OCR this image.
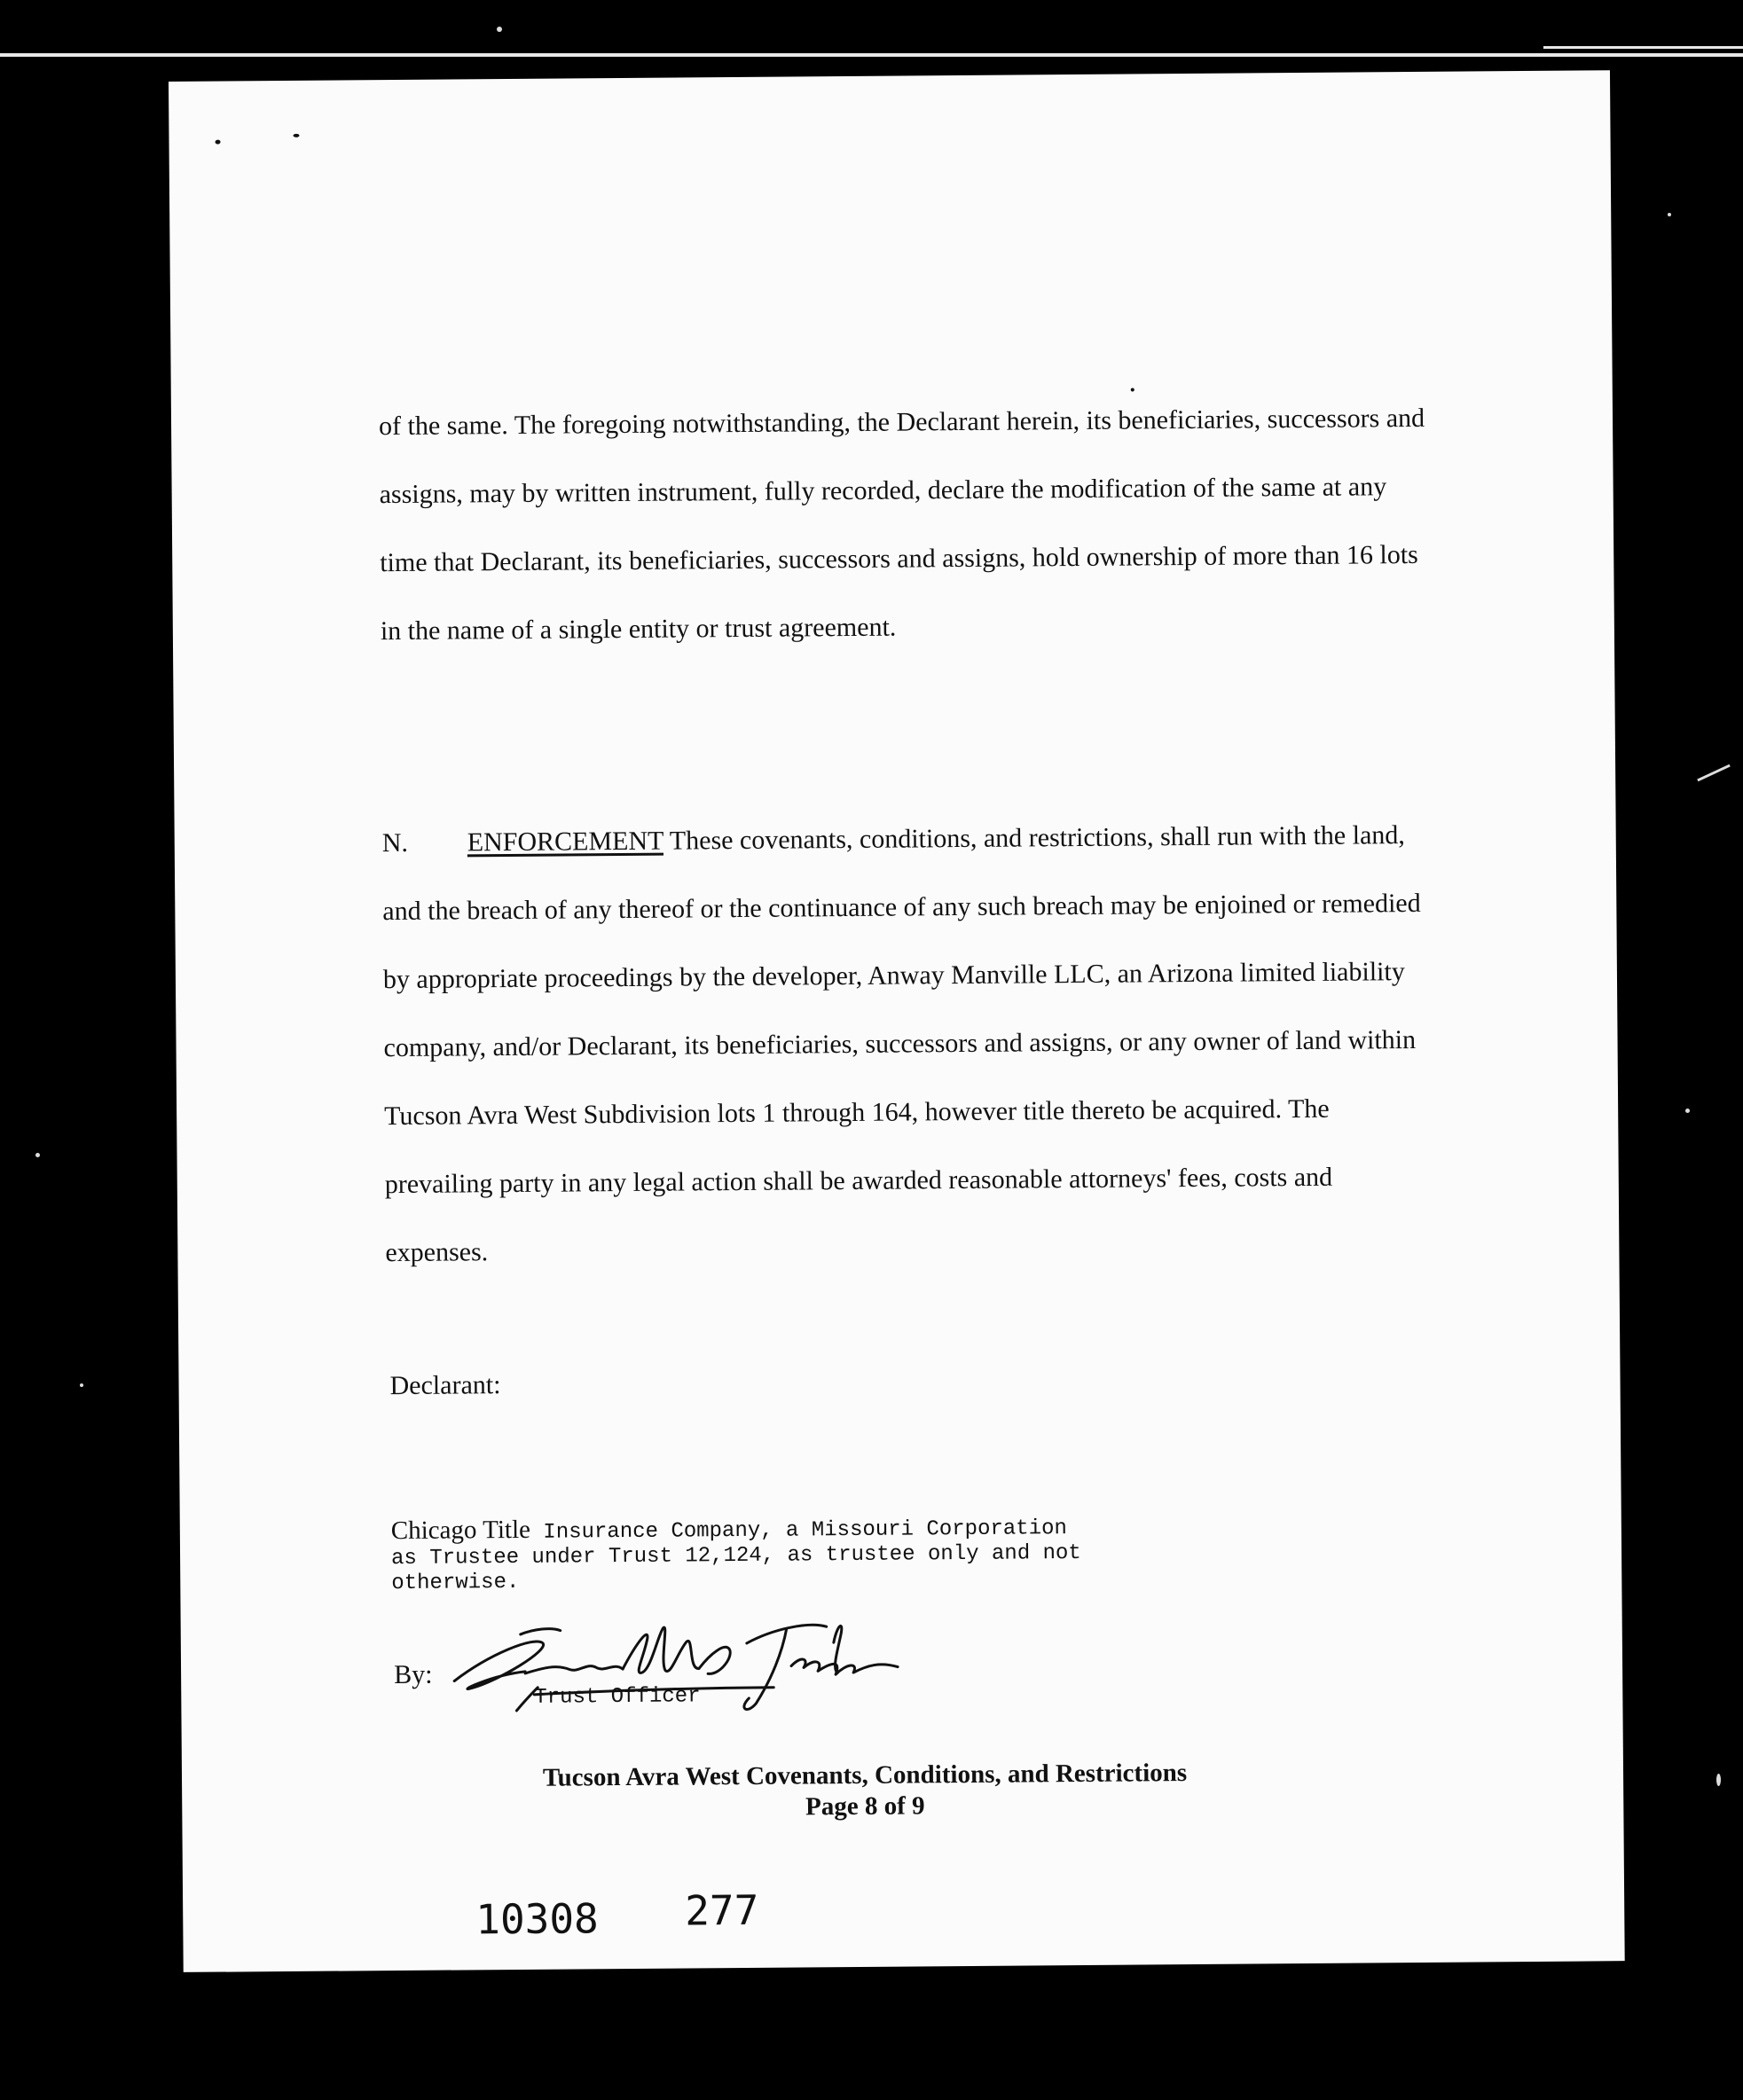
of the same. The foregoing notwithstanding, the Declarant herein, its beneficiaries, successors and assigns, may by written instrument, fully recorded, declare the modification of the same at any time that Declarant, its beneficiaries, successors and assigns, hold ownership of more than 16 lots in the name of a single entity or trust agreement.

N. ENFORCEMENT These covenants, conditions, and restrictions, shall run with the land, and the breach of any thereof or the continuance of any such breach may be enjoined or remedied by appropriate proceedings by the developer, Anway Manville LLC, an Arizona limited liability company, and/or Declarant, its beneficiaries, successors and assigns, or any owner of land within Tucson Avra West Subdivision lots 1 through 164, however title thereto be acquired. The prevailing party in any legal action shall be awarded reasonable attorneys' fees, costs and expenses.

Declarant:
Chicago Title Insurance Company, a Missouri Corporation
as Trustee under Trust 12,124, as trustee only and not
otherwise.
By:
Trust Officer
Tucson Avra West Covenants, Conditions, and Restrictions
Page 8 of 9
10308 277
